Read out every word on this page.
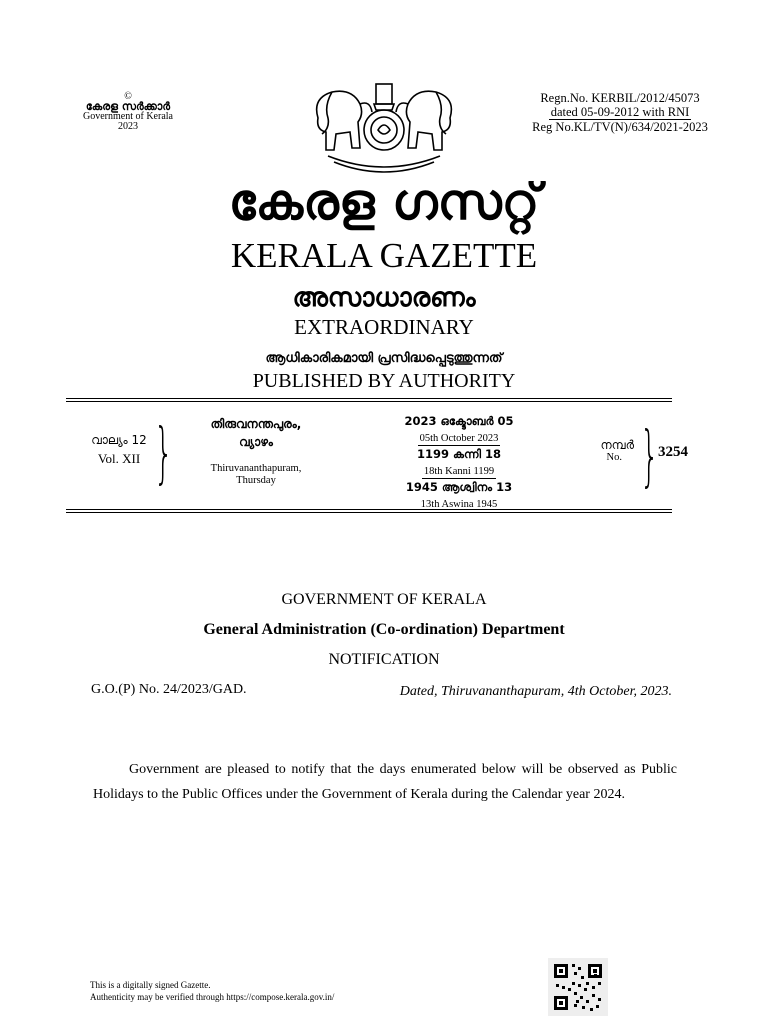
©
കേരള സർക്കാർ
Government of Kerala
2023
Regn.No. KERBIL/2012/45073
dated 05-09-2012 with RNI
Reg No.KL/TV(N)/634/2021-2023
കേരള ഗസറ്റ്
KERALA GAZETTE
അസാധാരണം
EXTRAORDINARY
ആധികാരികമായി പ്രസിദ്ധപ്പെടുത്തുന്നത്
PUBLISHED BY AUTHORITY
വാല്യം 12
Vol. XII }	തിരുവനന്തപുരം,
വ്യാഴം
Thiruvananthapuram,
Thursday
2023 ഒക്ടോബർ 05
05th October 2023
1199 കന്നി 18
18th Kanni 1199
1945 ആശ്വിനം 13
13th Aswina 1945
നമ്പർ
No. }
3254
GOVERNMENT OF KERALA
General Administration (Co-ordination) Department
NOTIFICATION
G.O.(P) No. 24/2023/GAD.	Dated, Thiruvananthapuram, 4th October, 2023.
Government are pleased to notify that the days enumerated below will be observed as Public Holidays to the Public Offices under the Government of Kerala during the Calendar year 2024.
This is a digitally signed Gazette.
Authenticity may be verified through https://compose.kerala.gov.in/
